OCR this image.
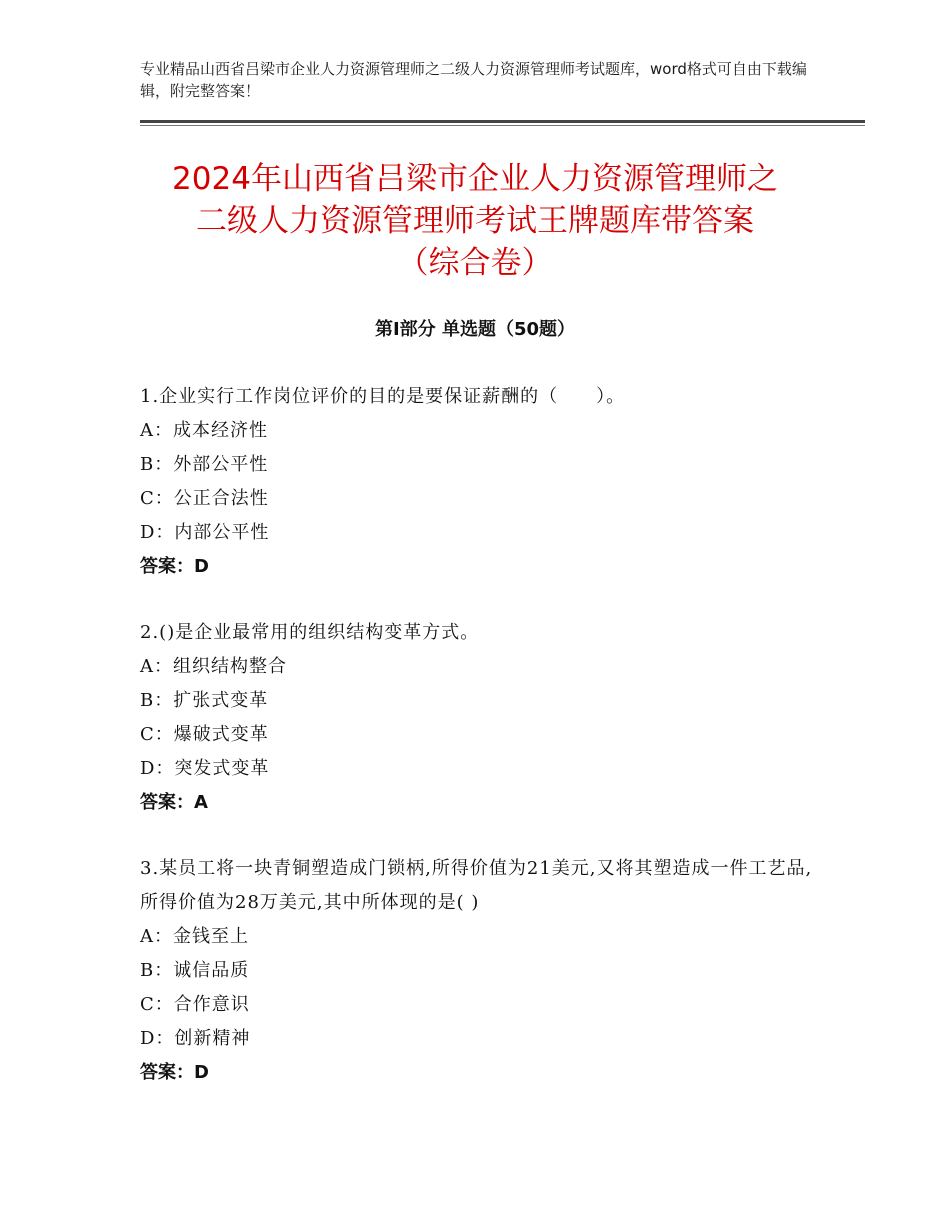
专业精品山西省吕梁市企业人力资源管理师之二级人力资源管理师考试题库，word格式可自由下载编辑，附完整答案！
2024年山西省吕梁市企业人力资源管理师之
二级人力资源管理师考试王牌题库带答案
（综合卷）
第Ⅰ部分 单选题（50题）
1.企业实行工作岗位评价的目的是要保证薪酬的（　　）。
A：成本经济性
B：外部公平性
C：公正合法性
D：内部公平性
答案：D
2.()是企业最常用的组织结构变革方式。
A：组织结构整合
B：扩张式变革
C：爆破式变革
D：突发式变革
答案：A
3.某员工将一块青铜塑造成门锁柄,所得价值为21美元,又将其塑造成一件工艺品,所得价值为28万美元,其中所体现的是( )
A：金钱至上
B：诚信品质
C：合作意识
D：创新精神
答案：D
